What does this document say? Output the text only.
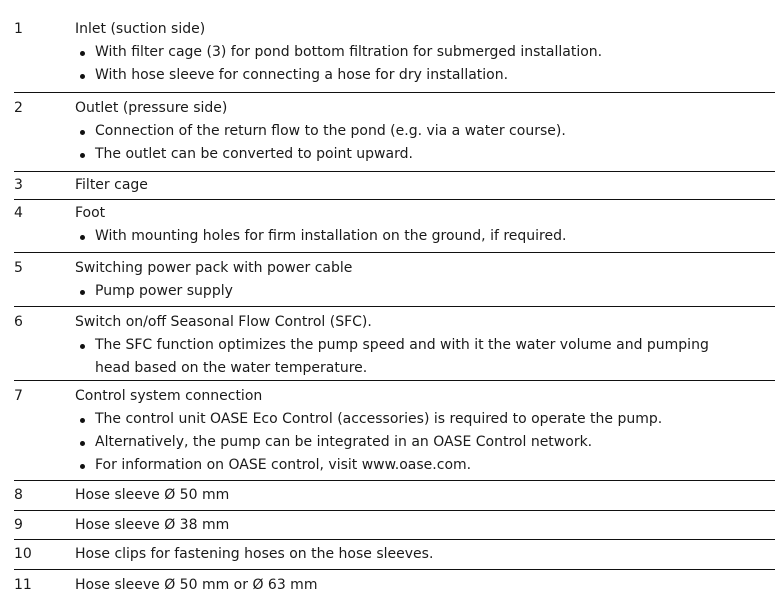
1	Inlet (suction side)
With filter cage (3) for pond bottom filtration for submerged installation.
With hose sleeve for connecting a hose for dry installation.
2	Outlet (pressure side)
Connection of the return flow to the pond (e.g. via a water course).
The outlet can be converted to point upward.
3	Filter cage
4	Foot
With mounting holes for firm installation on the ground, if required.
5	Switching power pack with power cable
Pump power supply
6	Switch on/off Seasonal Flow Control (SFC).
The SFC function optimizes the pump speed and with it the water volume and pumping head based on the water temperature.
7	Control system connection
The control unit OASE Eco Control (accessories) is required to operate the pump.
Alternatively, the pump can be integrated in an OASE Control network.
For information on OASE control, visit www.oase.com.
8	Hose sleeve Ø 50 mm
9	Hose sleeve Ø 38 mm
10	Hose clips for fastening hoses on the hose sleeves.
11	Hose sleeve Ø 50 mm or Ø 63 mm
